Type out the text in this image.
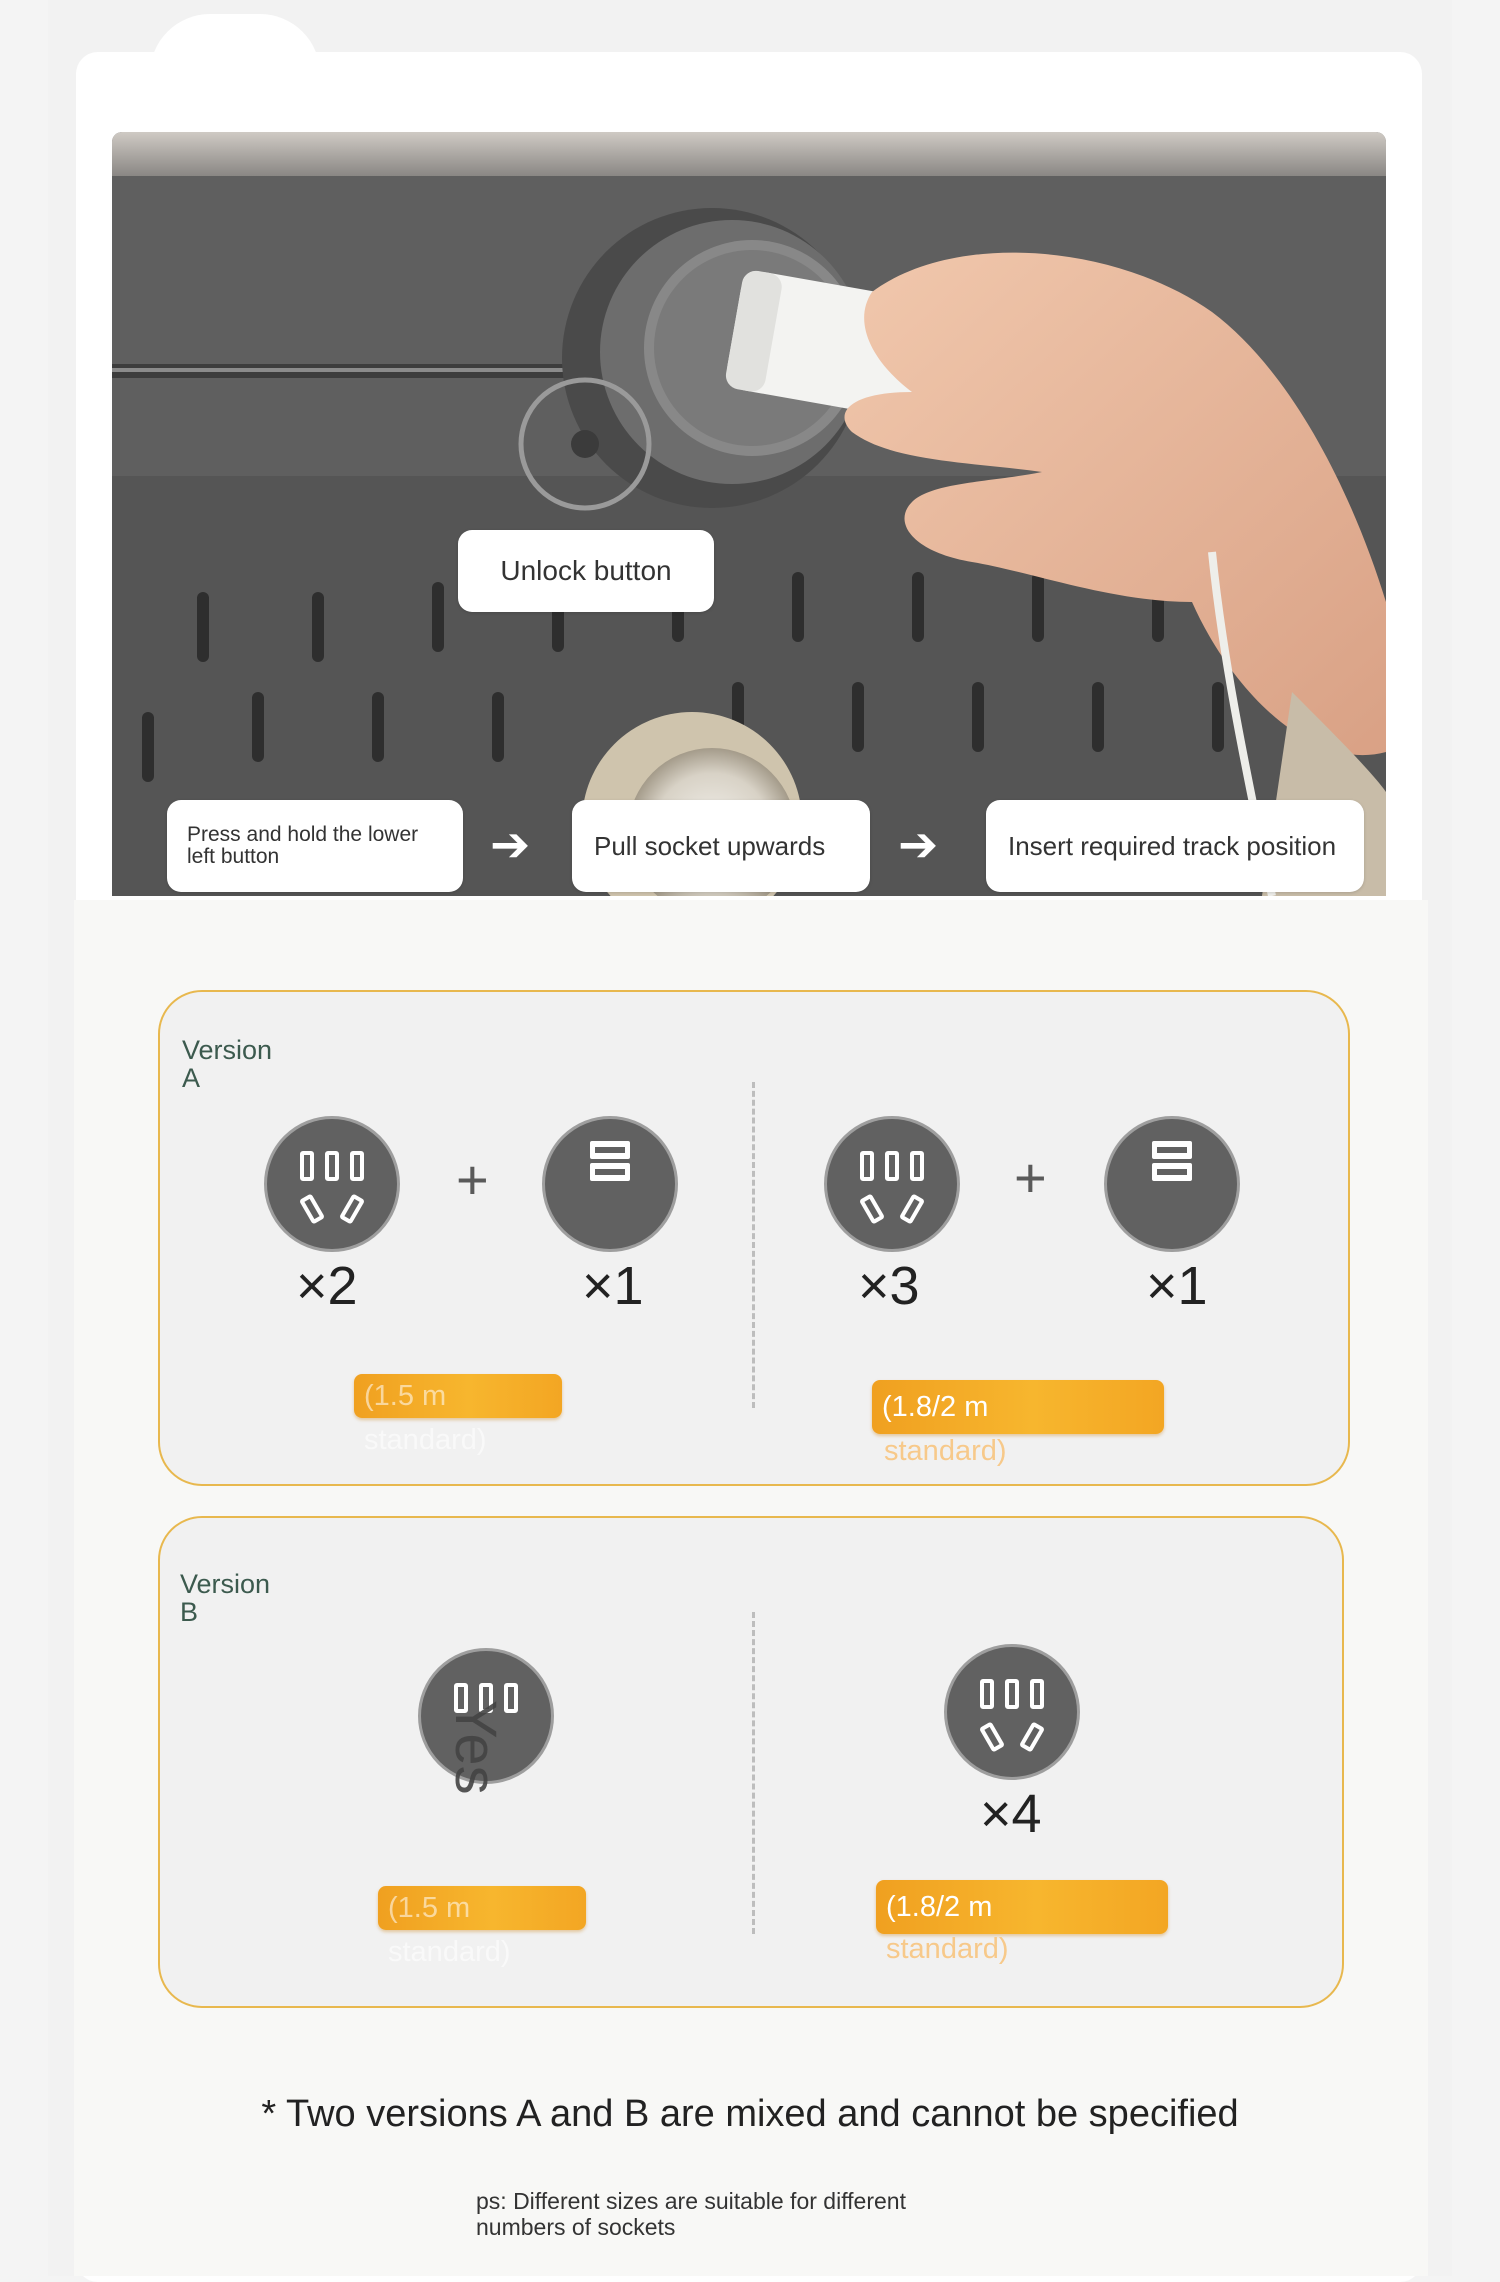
Unlock button
Press and hold the lower left button	➔ Pull socket upwards ➔	Insert required track position
Version A
+
×2	×1
(1.5 m standard)
+
×3	×1
(1.8/2 m
standard)
Version B
Yes
(1.5 m standard)
×4
(1.8/2 m
standard)
* Two versions A and B are mixed and cannot be specified
ps: Different sizes are suitable for different numbers of sockets
